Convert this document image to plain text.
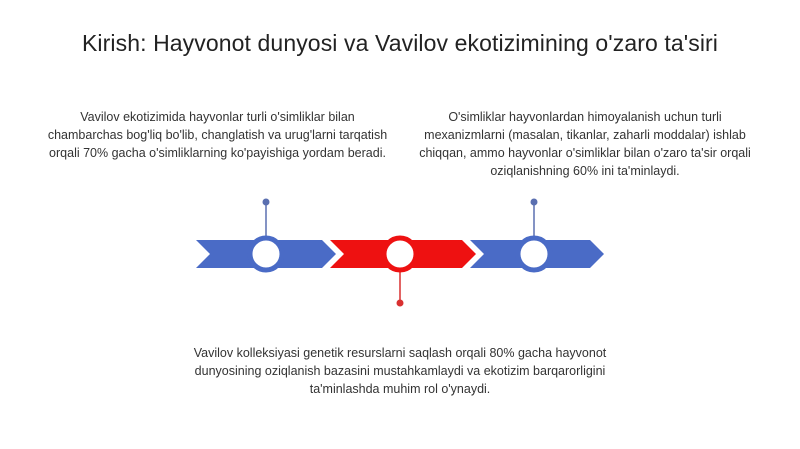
Kirish: Hayvonot dunyosi va Vavilov ekotizimining o'zaro ta'siri
Vavilov ekotizimida hayvonlar turli o'simliklar bilan chambarchas bog'liq bo'lib, changlatish va urug'larni tarqatish orqali 70% gacha o'simliklarning ko'payishiga yordam beradi.
O'simliklar hayvonlardan himoyalanish uchun turli mexanizmlarni (masalan, tikanlar, zaharli moddalar) ishlab chiqqan, ammo hayvonlar o'simliklar bilan o'zaro ta'sir orqali oziqlanishning 60% ini ta'minlaydi.
Vavilov kolleksiyasi genetik resurslarni saqlash orqali 80% gacha hayvonot dunyosining oziqlanish bazasini mustahkamlaydi va ekotizim barqarorligini ta'minlashda muhim rol o'ynaydi.
